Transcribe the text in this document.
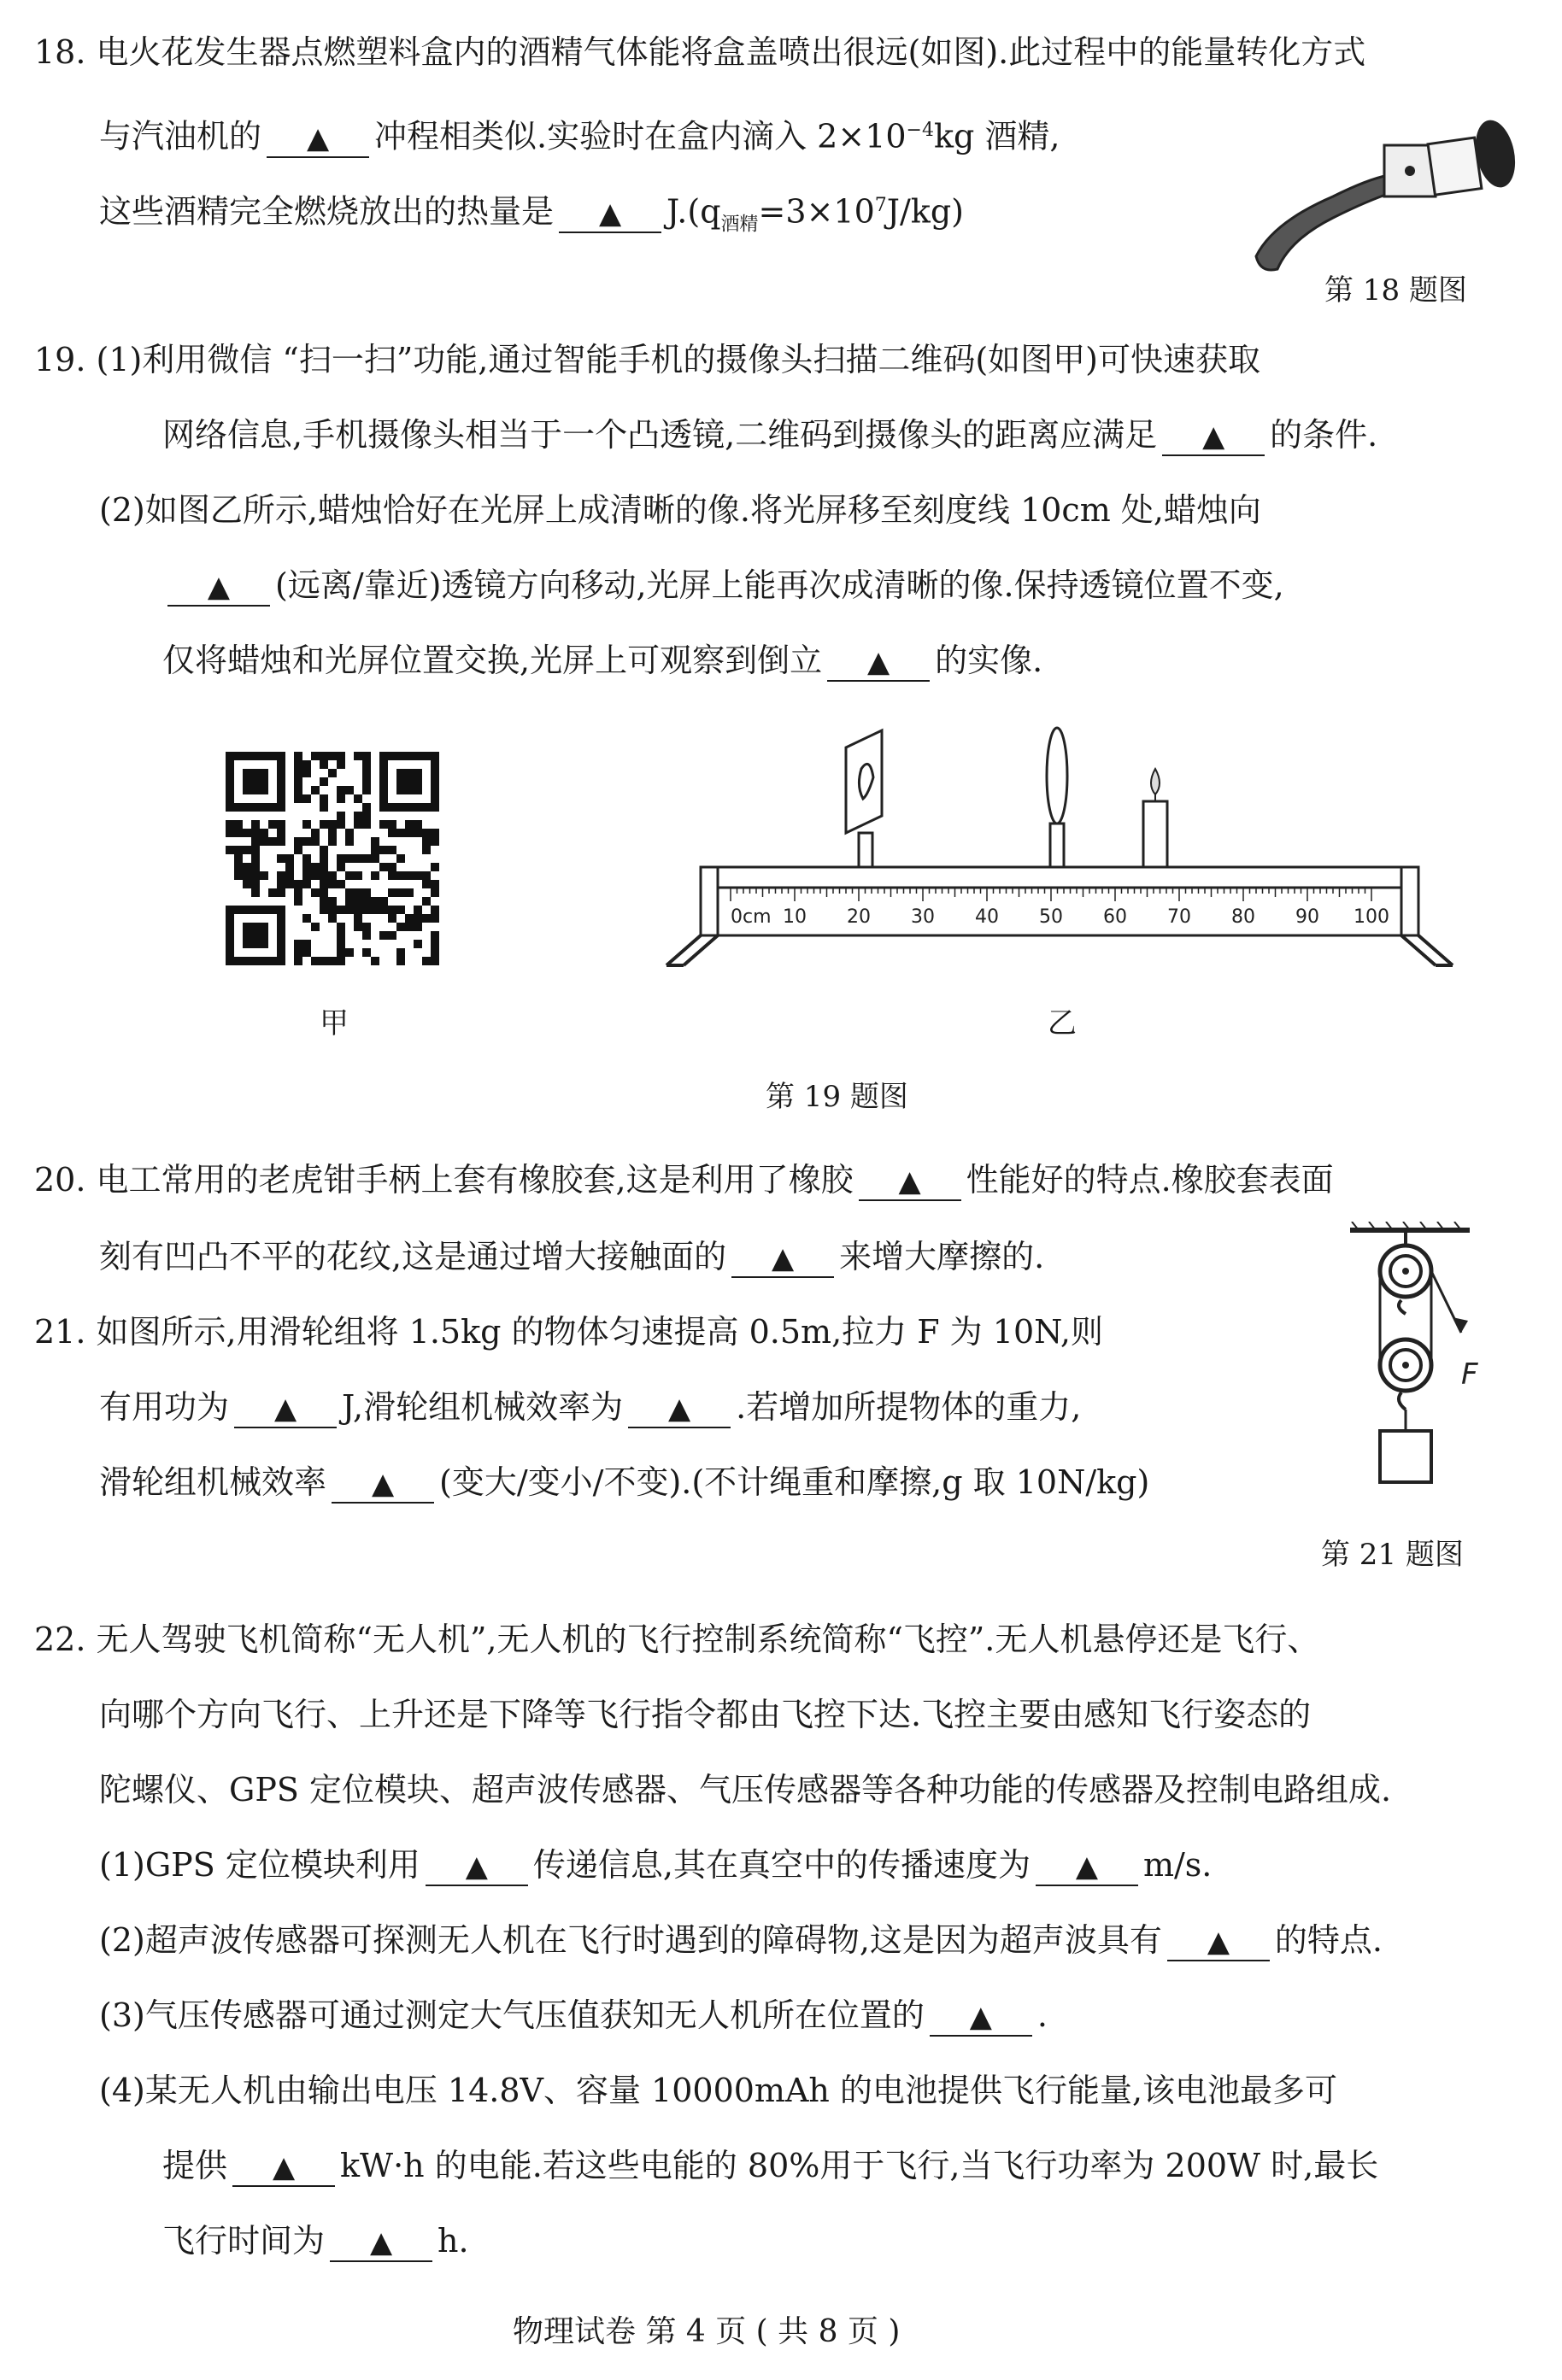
18. 电火花发生器点燃塑料盒内的酒精气体能将盒盖喷出很远(如图).此过程中的能量转化方式
与汽油机的 ▲ 冲程相类似.实验时在盒内滴入 $2\times 10^{-4}kg$ 酒精,
这些酒精完全燃烧放出的热量是 ▲ $J.(q_{酒精}=3\times 10^7J/kg)$
第 18 题图
19. (1)利用微信 “扫一扫”功能,通过智能手机的摄像头扫描二维码(如图甲)可快速获取
网络信息,手机摄像头相当于一个凸透镜,二维码到摄像头的距离应满足 ▲ 的条件.
(2)如图乙所示,蜡烛恰好在光屏上成清晰的像.将光屏移至刻度线 10cm 处,蜡烛向
▲ (远离/靠近)透镜方向移动,光屏上能再次成清晰的像.保持透镜位置不变,
仅将蜡烛和光屏位置交换,光屏上可观察到倒立 ▲ 的实像.
甲
0cm 10 20 30 40 50 60 70 80 90 100
乙
第 19 题图
20. 电工常用的老虎钳手柄上套有橡胶套,这是利用了橡胶 ▲ 性能好的特点.橡胶套表面
刻有凹凸不平的花纹,这是通过增大接触面的 ▲ 来增大摩擦的.
21. 如图所示,用滑轮组将 1.5kg 的物体匀速提高 0.5m,拉力 F 为 10N,则
有用功为 ▲ J,滑轮组机械效率为 ▲ .若增加所提物体的重力,
滑轮组机械效率 ▲ (变大/变小/不变).(不计绳重和摩擦,g 取 10N/kg)
F
第 21 题图
22. 无人驾驶飞机简称“无人机”,无人机的飞行控制系统简称“飞控”.无人机悬停还是飞行、
向哪个方向飞行、上升还是下降等飞行指令都由飞控下达.飞控主要由感知飞行姿态的
陀螺仪、GPS 定位模块、超声波传感器、气压传感器等各种功能的传感器及控制电路组成.
(1)GPS 定位模块利用 ▲ 传递信息,其在真空中的传播速度为 ▲ m/s.
(2)超声波传感器可探测无人机在飞行时遇到的障碍物,这是因为超声波具有 ▲ 的特点.
(3)气压传感器可通过测定大气压值获知无人机所在位置的 ▲ .
(4)某无人机由输出电压 14.8V、容量 10000mAh 的电池提供飞行能量,该电池最多可
提供 ▲ kW·h 的电能.若这些电能的 80%用于飞行,当飞行功率为 200W 时,最长
飞行时间为 ▲ h.
物理试卷 第 4 页 ( 共 8 页 )
